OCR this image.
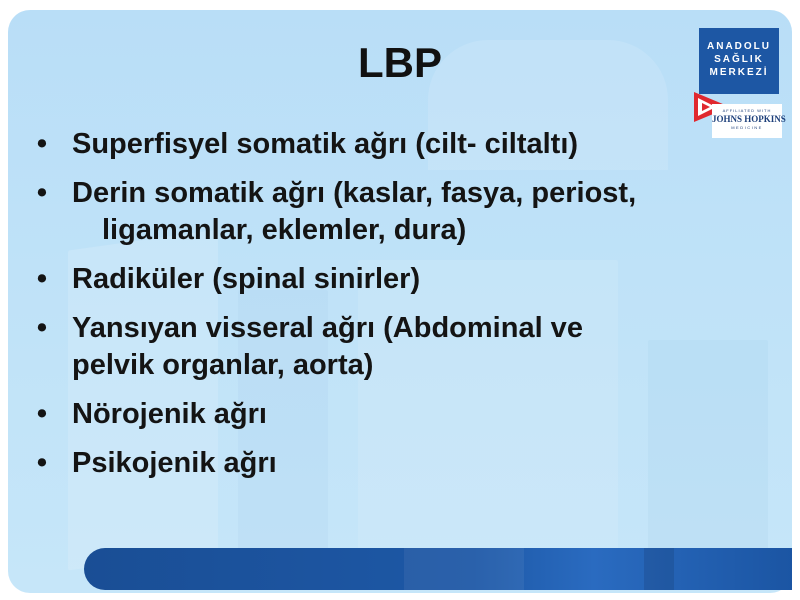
LBP
• Superfisyel somatik ağrı (cilt- ciltaltı)
• Derin somatik ağrı (kaslar, fasya, periost,
ligamanlar, eklemler, dura)
• Radiküler (spinal sinirler)
• Yansıyan visseral ağrı (Abdominal ve
pelvik organlar, aorta)
• Nörojenik ağrı
• Psikojenik ağrı
ANADOLU
SAĞLIK
MERKEZİ
AFFILIATED WITH
JOHNS HOPKINS
MEDICINE
